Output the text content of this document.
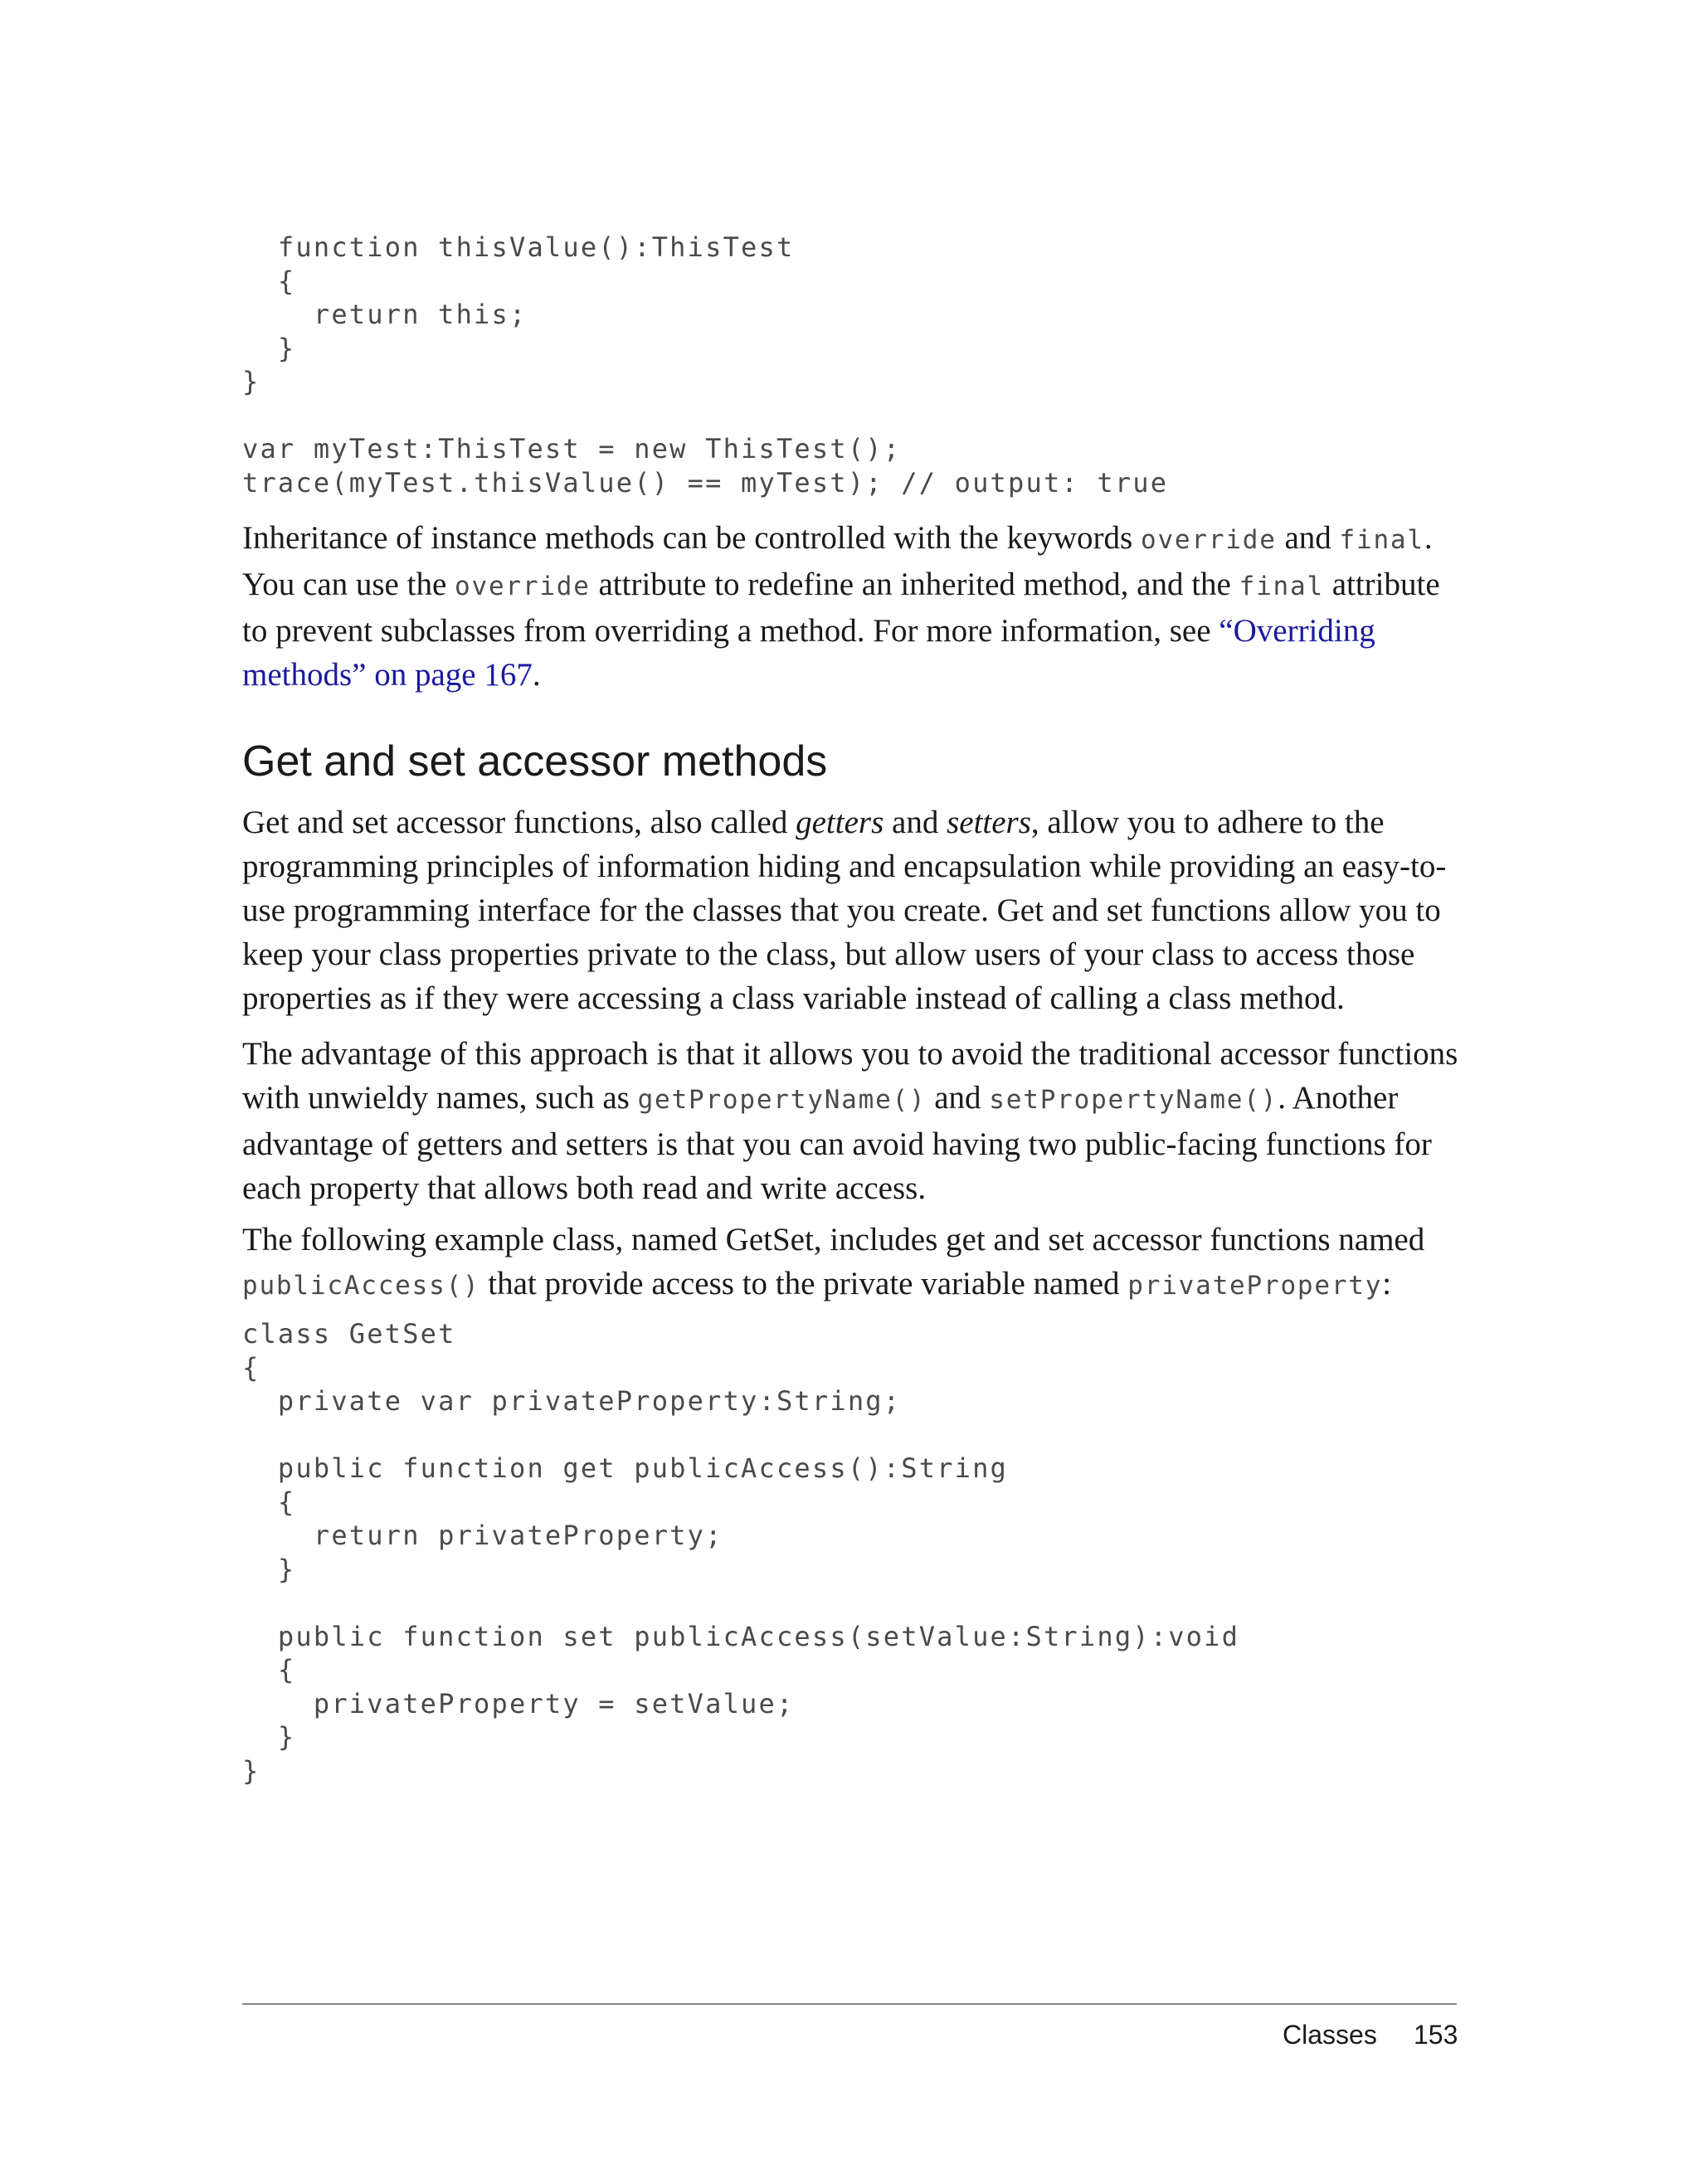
function thisValue():ThisTest
{
return this;
}
}

var myTest:ThisTest = new ThisTest();
trace(myTest.thisValue() == myTest); // output: true

Inheritance of instance methods can be controlled with the keywords override and final. You can use the override attribute to redefine an inherited method, and the final attribute to prevent subclasses from overriding a method. For more information, see “Overriding methods” on page 167.

Get and set accessor methods

Get and set accessor functions, also called getters and setters, allow you to adhere to the programming principles of information hiding and encapsulation while providing an easy-to-use programming interface for the classes that you create. Get and set functions allow you to keep your class properties private to the class, but allow users of your class to access those properties as if they were accessing a class variable instead of calling a class method.

The advantage of this approach is that it allows you to avoid the traditional accessor functions with unwieldy names, such as getPropertyName() and setPropertyName(). Another advantage of getters and setters is that you can avoid having two public-facing functions for each property that allows both read and write access.

The following example class, named GetSet, includes get and set accessor functions named publicAccess() that provide access to the private variable named privateProperty:

class GetSet
{
private var privateProperty:String;

public function get publicAccess():String
{
return privateProperty;
}

public function set publicAccess(setValue:String):void
{
privateProperty = setValue;
}
}
Classes 153
